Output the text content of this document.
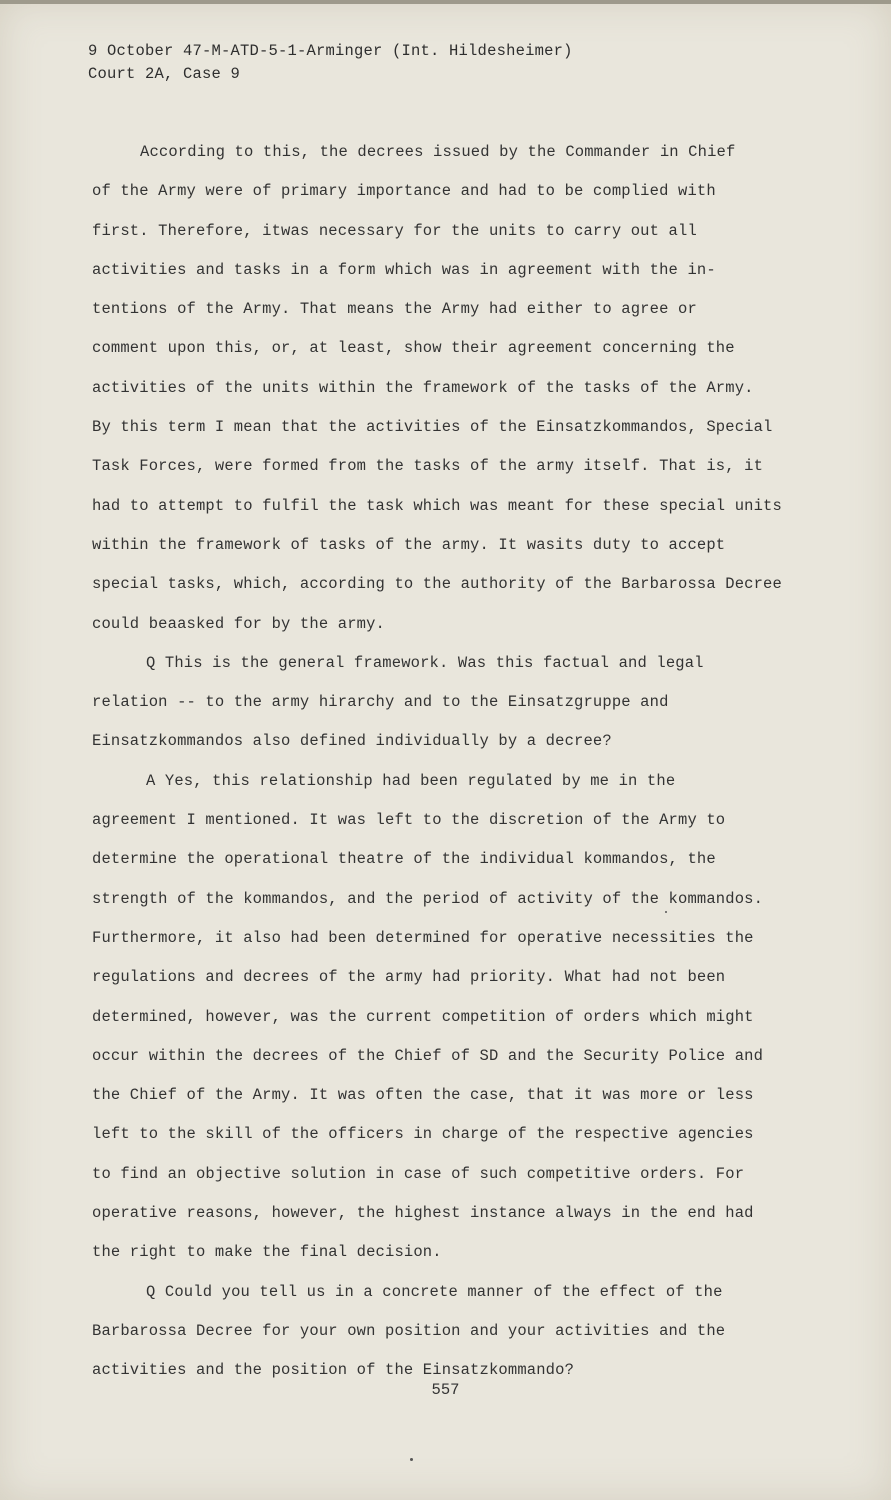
9 October 47-M-ATD-5-1-Arminger (Int. Hildesheimer)
Court 2A, Case 9
According to this, the decrees issued by the Commander in Chief
of the Army were of primary importance and had to be complied with
first. Therefore, itwas necessary for the units to carry out all
activities and tasks in a form which was in agreement with the in-
tentions of the Army. That means the Army had either to agree or
comment upon this, or, at least, show their agreement concerning the
activities of the units within the framework of the tasks of the Army.
By this term I mean that the activities of the Einsatzkommandos, Special
Task Forces, were formed from the tasks of the army itself. That is, it
had to attempt to fulfil the task which was meant for these special units
within the framework of tasks of the army. It wasits duty to accept
special tasks, which, according to the authority of the Barbarossa Decree
could beaasked for by the army.
Q This is the general framework. Was this factual and legal
relation -- to the army hirarchy and to the Einsatzgruppe and
Einsatzkommandos also defined individually by a decree?
A Yes, this relationship had been regulated by me in the
agreement I mentioned. It was left to the discretion of the Army to
determine the operational theatre of the individual kommandos, the
strength of the kommandos, and the period of activity of the kommandos.
Furthermore, it also had been determined for operative necessities the
regulations and decrees of the army had priority. What had not been
determined, however, was the current competition of orders which might
occur within the decrees of the Chief of SD and the Security Police and
the Chief of the Army. It was often the case, that it was more or less
left to the skill of the officers in charge of the respective agencies
to find an objective solution in case of such competitive orders. For
operative reasons, however, the highest instance always in the end had
the right to make the final decision.
Q Could you tell us in a concrete manner of the effect of the
Barbarossa Decree for your own position and your activities and the
activities and the position of the Einsatzkommando?
557
